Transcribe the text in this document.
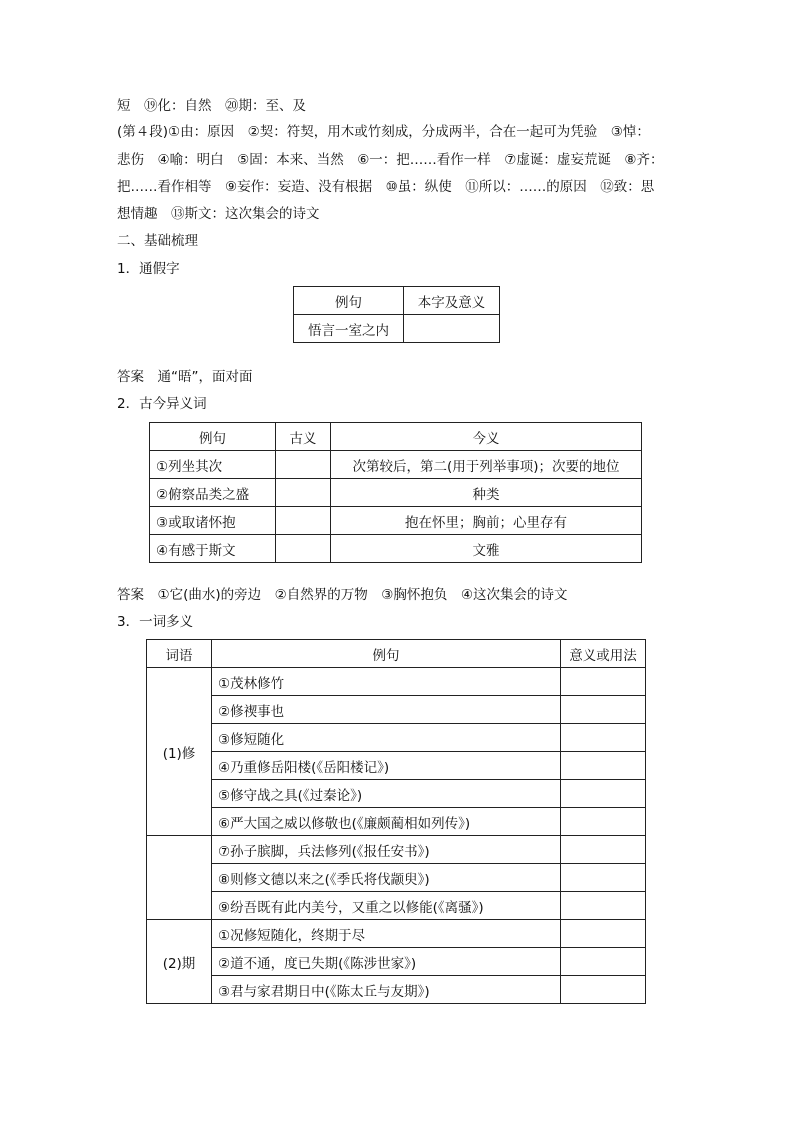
短　⑲化：自然　⑳期：至、及
(第４段)①由：原因　②契：符契，用木或竹刻成，分成两半，合在一起可为凭验　③悼：
悲伤　④喻：明白　⑤固：本来、当然　⑥一：把……看作一样　⑦虚诞：虚妄荒诞　⑧齐：
把……看作相等　⑨妄作：妄造、没有根据　⑩虽：纵使　⑪所以：……的原因　⑫致：思
想情趣　⑬斯文：这次集会的诗文
二、基础梳理
1．通假字
例句	本字及意义
悟言一室之内	
答案　通“晤”，面对面
2．古今异义词
例句	古义	今义
①列坐其次		次第较后，第二(用于列举事项)；次要的地位
②俯察品类之盛		种类
③或取诸怀抱		抱在怀里；胸前；心里存有
④有感于斯文		文雅
答案　①它(曲水)的旁边　②自然界的万物　③胸怀抱负　④这次集会的诗文
3．一词多义
词语	例句	意义或用法
(1)修	①茂林修竹	
	②修禊事也	
	③修短随化	
	④乃重修岳阳楼(《岳阳楼记》)	
	⑤修守战之具(《过秦论》)	
	⑥严大国之威以修敬也(《廉颇蔺相如列传》)	
	⑦孙子膑脚，兵法修列(《报任安书》)	
	⑧则修文德以来之(《季氏将伐颛臾》)	
	⑨纷吾既有此内美兮，又重之以修能(《离骚》)	
(2)期	①况修短随化，终期于尽	
	②道不通，度已失期(《陈涉世家》)	
	③君与家君期日中(《陈太丘与友期》)	
